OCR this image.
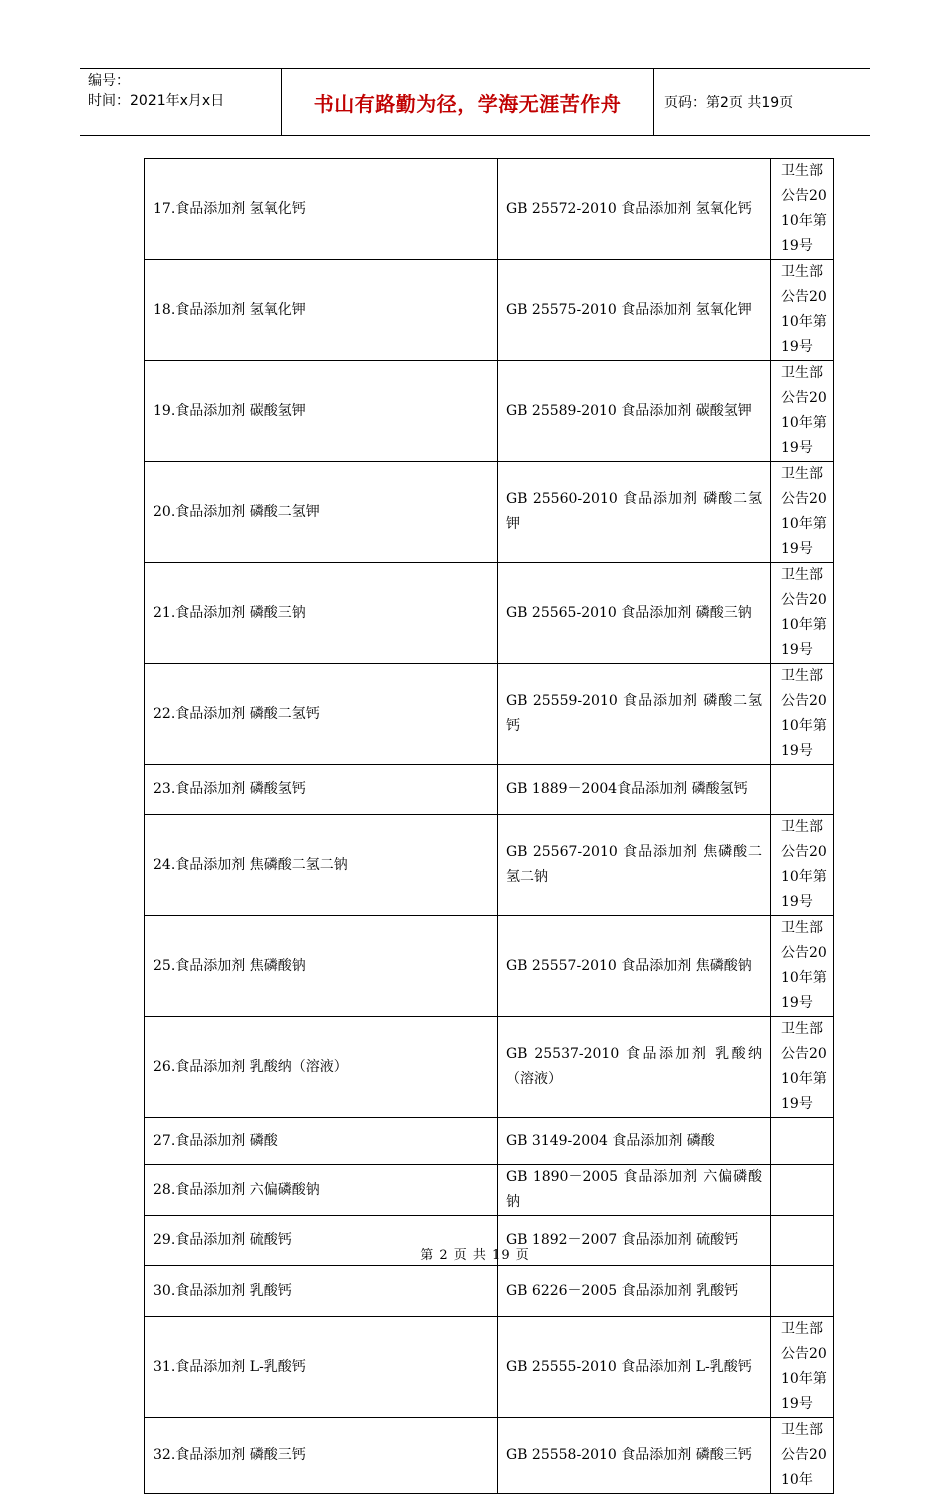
编号：
时间：2021年x月x日	书山有路勤为径，学海无涯苦作舟	页码：第2页 共19页
17.食品添加剂 氢氧化钙	GB 25572-2010 食品添加剂 氢氧化钙	卫生部公告2010年第19号
18.食品添加剂 氢氧化钾	GB 25575-2010 食品添加剂 氢氧化钾	卫生部公告2010年第19号
19.食品添加剂 碳酸氢钾	GB 25589-2010 食品添加剂 碳酸氢钾	卫生部公告2010年第19号
20.食品添加剂 磷酸二氢钾	GB 25560-2010 食品添加剂 磷酸二氢钾	卫生部公告2010年第19号
21.食品添加剂 磷酸三钠	GB 25565-2010 食品添加剂 磷酸三钠	卫生部公告2010年第19号
22.食品添加剂 磷酸二氢钙	GB 25559-2010 食品添加剂 磷酸二氢钙	卫生部公告2010年第19号
23.食品添加剂 磷酸氢钙	GB 1889－2004食品添加剂 磷酸氢钙	
24.食品添加剂 焦磷酸二氢二钠	GB 25567-2010 食品添加剂 焦磷酸二氢二钠	卫生部公告2010年第19号
25.食品添加剂 焦磷酸钠	GB 25557-2010 食品添加剂 焦磷酸钠	卫生部公告2010年第19号
26.食品添加剂 乳酸纳（溶液）	GB 25537-2010 食品添加剂 乳酸纳（溶液）	卫生部公告2010年第19号
27.食品添加剂 磷酸	GB 3149-2004 食品添加剂 磷酸	
28.食品添加剂 六偏磷酸钠	GB 1890－2005 食品添加剂 六偏磷酸钠	
29.食品添加剂 硫酸钙	GB 1892－2007 食品添加剂 硫酸钙	
30.食品添加剂 乳酸钙	GB 6226－2005 食品添加剂 乳酸钙	
31.食品添加剂 L-乳酸钙	GB 25555-2010 食品添加剂 L-乳酸钙	卫生部公告2010年第19号
32.食品添加剂 磷酸三钙	GB 25558-2010 食品添加剂 磷酸三钙	卫生部公告2010年
第 2 页 共 19 页
